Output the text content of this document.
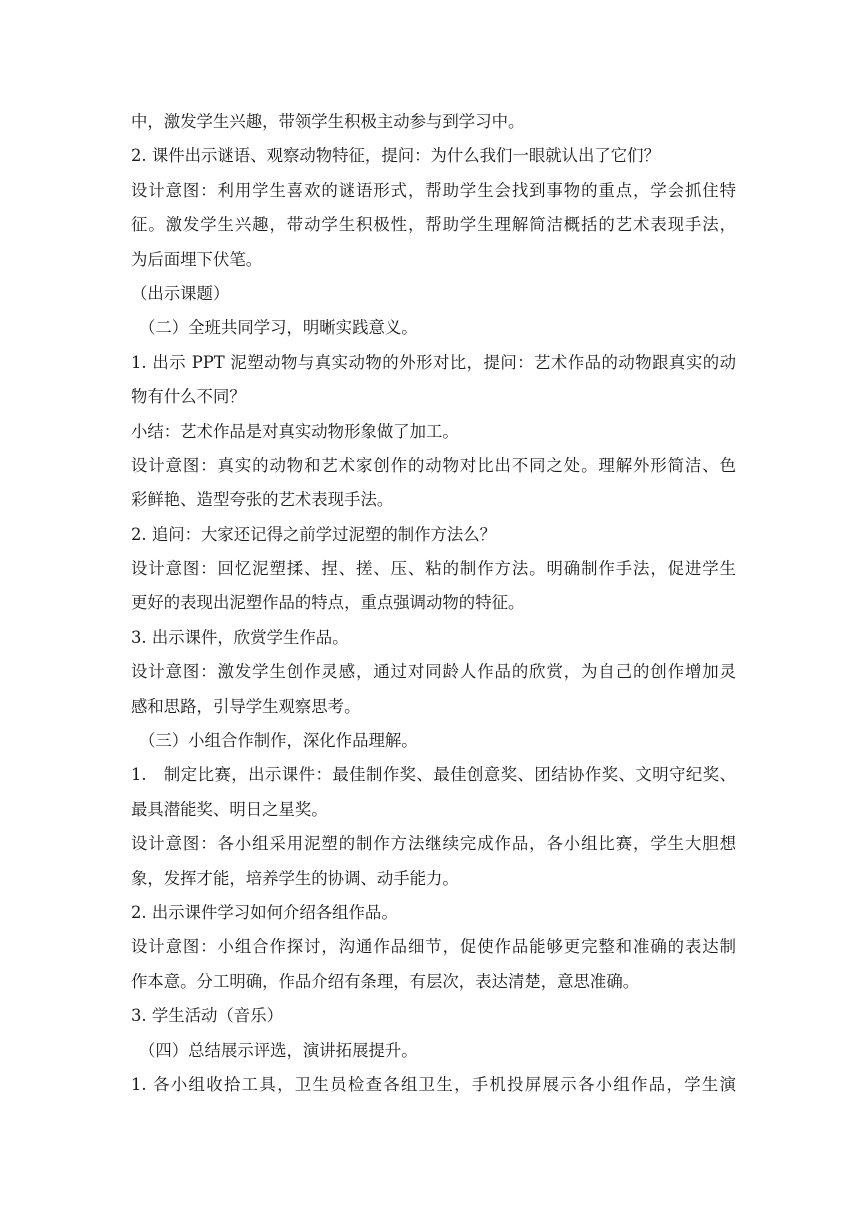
中，激发学生兴趣，带领学生积极主动参与到学习中。
2. 课件出示谜语、观察动物特征，提问：为什么我们一眼就认出了它们？
设计意图：利用学生喜欢的谜语形式，帮助学生会找到事物的重点，学会抓住特
征。激发学生兴趣，带动学生积极性，帮助学生理解简洁概括的艺术表现手法，
为后面埋下伏笔。
（出示课题）
（二）全班共同学习，明晰实践意义。
1. 出示 PPT 泥塑动物与真实动物的外形对比，提问：艺术作品的动物跟真实的动
物有什么不同？
小结：艺术作品是对真实动物形象做了加工。
设计意图：真实的动物和艺术家创作的动物对比出不同之处。理解外形简洁、色
彩鲜艳、造型夸张的艺术表现手法。
2. 追问：大家还记得之前学过泥塑的制作方法么？
设计意图：回忆泥塑揉、捏、搓、压、粘的制作方法。明确制作手法，促进学生
更好的表现出泥塑作品的特点，重点强调动物的特征。
3. 出示课件，欣赏学生作品。
设计意图：激发学生创作灵感，通过对同龄人作品的欣赏，为自己的创作增加灵
感和思路，引导学生观察思考。
（三）小组合作制作，深化作品理解。
1.　制定比赛，出示课件：最佳制作奖、最佳创意奖、团结协作奖、文明守纪奖、
最具潜能奖、明日之星奖。
设计意图：各小组采用泥塑的制作方法继续完成作品，各小组比赛，学生大胆想
象，发挥才能，培养学生的协调、动手能力。
2. 出示课件学习如何介绍各组作品。
设计意图：小组合作探讨，沟通作品细节，促使作品能够更完整和准确的表达制
作本意。分工明确，作品介绍有条理，有层次，表达清楚，意思准确。
3. 学生活动（音乐）
（四）总结展示评选，演讲拓展提升。
1. 各小组收拾工具，卫生员检查各组卫生，手机投屏展示各小组作品，学生演
